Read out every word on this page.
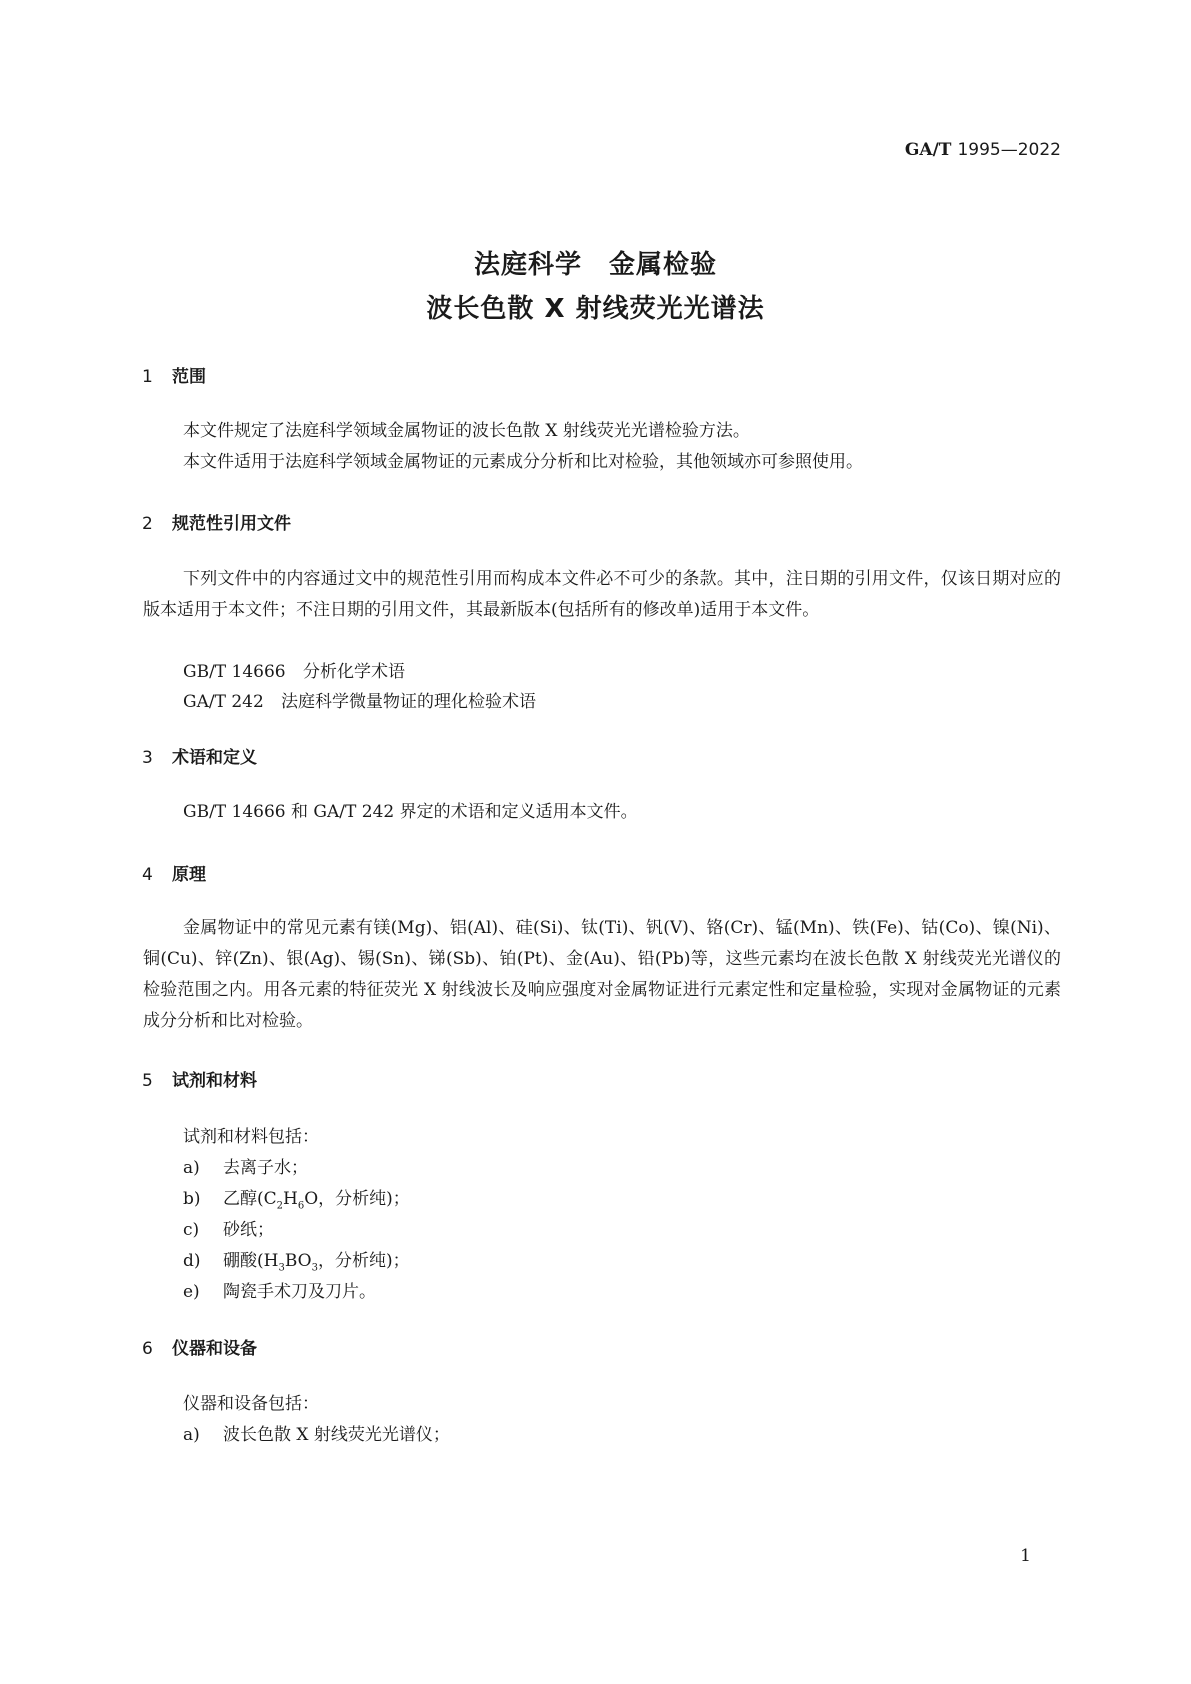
GA/T 1995—2022
法庭科学　金属检验
波长色散 X 射线荧光光谱法
1 范围
本文件规定了法庭科学领域金属物证的波长色散 X 射线荧光光谱检验方法。
本文件适用于法庭科学领域金属物证的元素成分分析和比对检验，其他领域亦可参照使用。
2 规范性引用文件
下列文件中的内容通过文中的规范性引用而构成本文件必不可少的条款。其中，注日期的引用文件，仅该日期对应的版本适用于本文件；不注日期的引用文件，其最新版本(包括所有的修改单)适用于本文件。
GB/T 14666 分析化学术语
GA/T 242 法庭科学微量物证的理化检验术语
3 术语和定义
GB/T 14666 和 GA/T 242 界定的术语和定义适用本文件。
4 原理
金属物证中的常见元素有镁(Mg)、铝(Al)、硅(Si)、钛(Ti)、钒(V)、铬(Cr)、锰(Mn)、铁(Fe)、钴(Co)、镍(Ni)、铜(Cu)、锌(Zn)、银(Ag)、锡(Sn)、锑(Sb)、铂(Pt)、金(Au)、铅(Pb)等，这些元素均在波长色散 X 射线荧光光谱仪的检验范围之内。用各元素的特征荧光 X 射线波长及响应强度对金属物证进行元素定性和定量检验，实现对金属物证的元素成分分析和比对检验。
5 试剂和材料
试剂和材料包括：
a) 去离子水；
b) 乙醇($C_2H_6O$，分析纯)；
c) 砂纸；
d) 硼酸($H_3BO_3$，分析纯)；
e) 陶瓷手术刀及刀片。
6 仪器和设备
仪器和设备包括：
a) 波长色散 X 射线荧光光谱仪；
1
